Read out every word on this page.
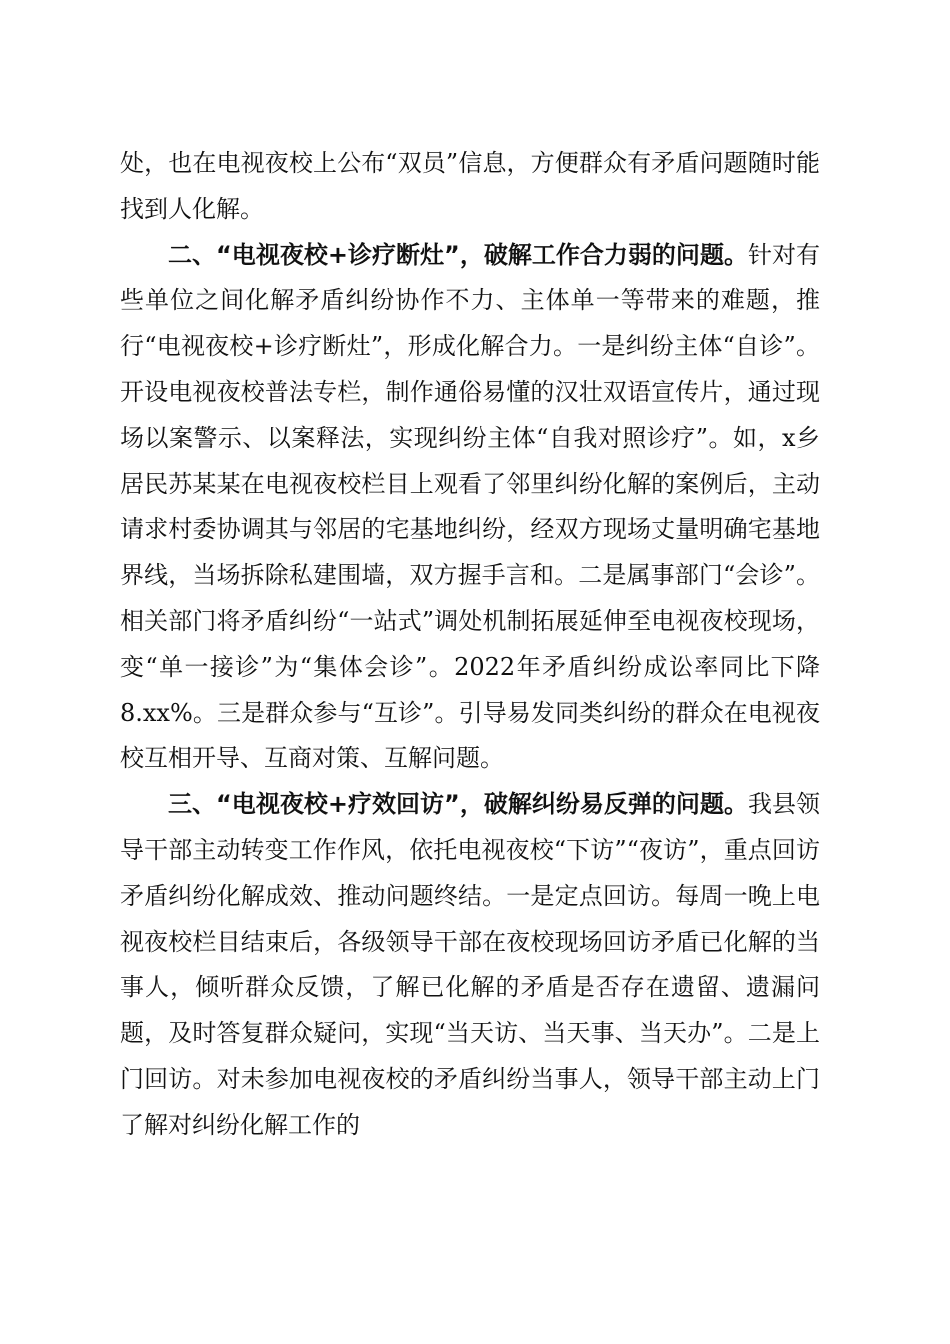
处，也在电视夜校上公布“双员”信息，方便群众有矛盾问题随时能找到人化解。

二、“电视夜校+诊疗断灶”，破解工作合力弱的问题。针对有些单位之间化解矛盾纠纷协作不力、主体单一等带来的难题，推行“电视夜校+诊疗断灶”，形成化解合力。一是纠纷主体“自诊”。开设电视夜校普法专栏，制作通俗易懂的汉壮双语宣传片，通过现场以案警示、以案释法，实现纠纷主体“自我对照诊疗”。如，x乡居民苏某某在电视夜校栏目上观看了邻里纠纷化解的案例后，主动请求村委协调其与邻居的宅基地纠纷，经双方现场丈量明确宅基地界线，当场拆除私建围墙，双方握手言和。二是属事部门“会诊”。相关部门将矛盾纠纷“一站式”调处机制拓展延伸至电视夜校现场，变“单一接诊”为“集体会诊”。2022年矛盾纠纷成讼率同比下降8.xx%。三是群众参与“互诊”。引导易发同类纠纷的群众在电视夜校互相开导、互商对策、互解问题。

三、“电视夜校+疗效回访”，破解纠纷易反弹的问题。我县领导干部主动转变工作作风，依托电视夜校“下访”“夜访”，重点回访矛盾纠纷化解成效、推动问题终结。一是定点回访。每周一晚上电视夜校栏目结束后，各级领导干部在夜校现场回访矛盾已化解的当事人，倾听群众反馈，了解已化解的矛盾是否存在遗留、遗漏问题，及时答复群众疑问，实现“当天访、当天事、当天办”。二是上门回访。对未参加电视夜校的矛盾纠纷当事人，领导干部主动上门了解对纠纷化解工作的
